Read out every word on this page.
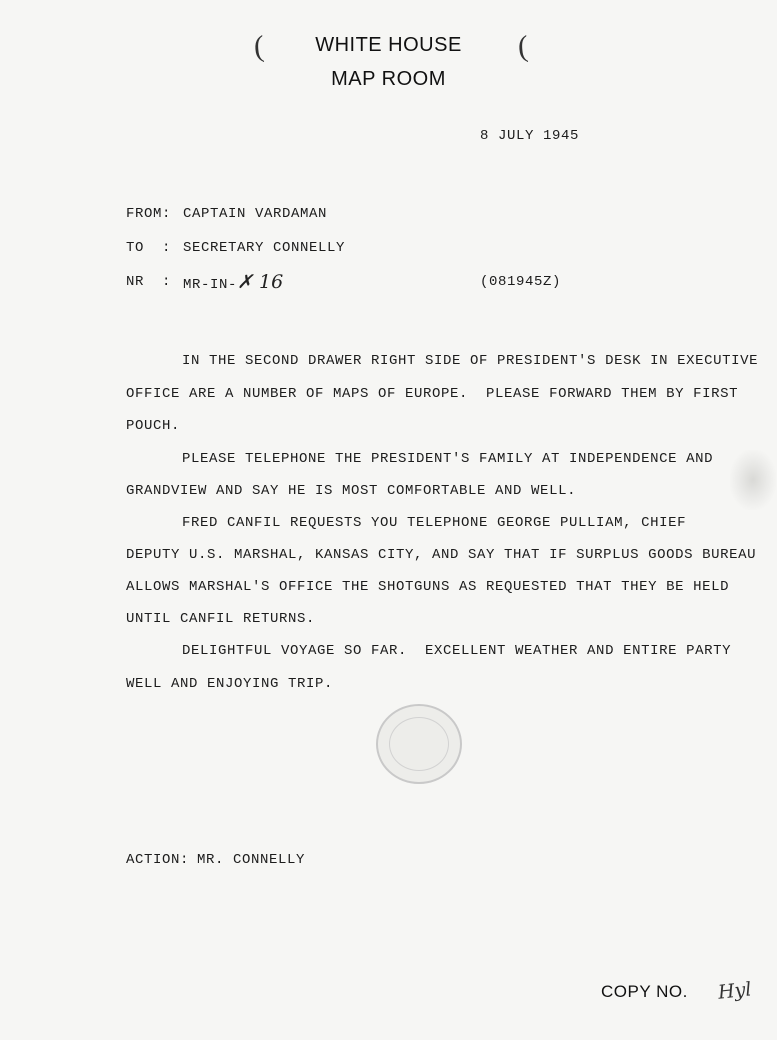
WHITE HOUSE
MAP ROOM
(	(
8 JULY 1945
FROM: CAPTAIN VARDAMAN
TO  : SECRETARY CONNELLY
NR  : MR-IN-✗ 16	(081945Z)
IN THE SECOND DRAWER RIGHT SIDE OF PRESIDENT'S DESK IN EXECUTIVE
OFFICE ARE A NUMBER OF MAPS OF EUROPE.  PLEASE FORWARD THEM BY FIRST
POUCH.
PLEASE TELEPHONE THE PRESIDENT'S FAMILY AT INDEPENDENCE AND
GRANDVIEW AND SAY HE IS MOST COMFORTABLE AND WELL.
FRED CANFIL REQUESTS YOU TELEPHONE GEORGE PULLIAM, CHIEF
DEPUTY U.S. MARSHAL, KANSAS CITY, AND SAY THAT IF SURPLUS GOODS BUREAU
ALLOWS MARSHAL'S OFFICE THE SHOTGUNS AS REQUESTED THAT THEY BE HELD
UNTIL CANFIL RETURNS.
DELIGHTFUL VOYAGE SO FAR.  EXCELLENT WEATHER AND ENTIRE PARTY
WELL AND ENJOYING TRIP.
ACTION: MR. CONNELLY
COPY NO. Hyl
